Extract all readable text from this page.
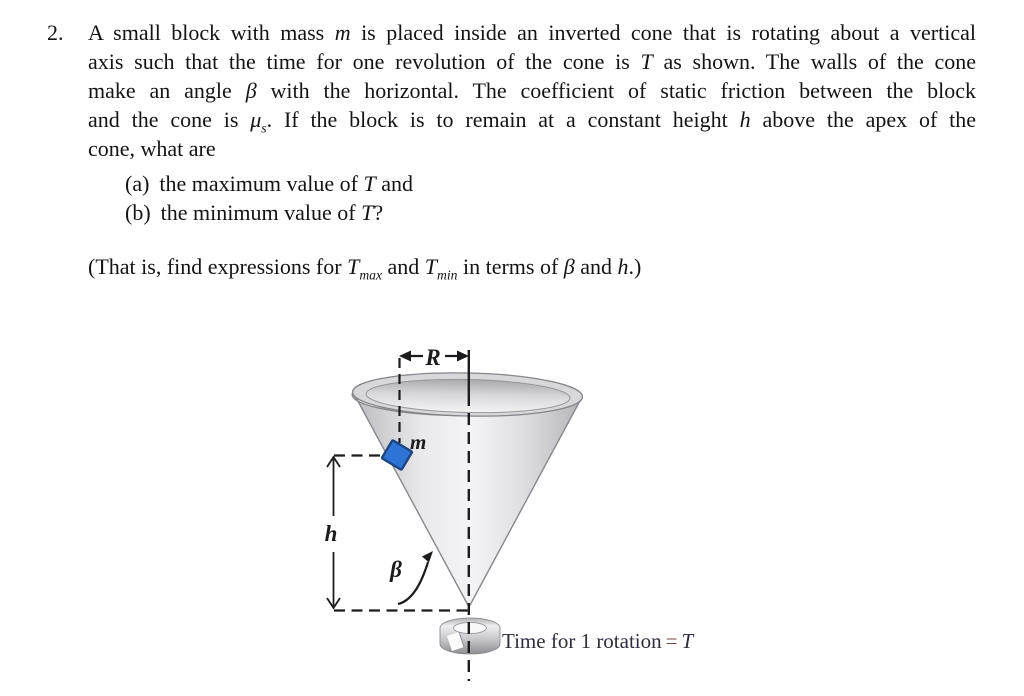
2. A small block with mass m is placed inside an inverted cone that is rotating about a vertical
axis such that the time for one revolution of the cone is T as shown. The walls of the cone
make an angle β with the horizontal. The coefficient of static friction between the block
and the cone is $\mu_s$. If the block is to remain at a constant height h above the apex of the
cone, what are
(a) the maximum value of T and
(b) the minimum value of T?
(That is, find expressions for $T_{max}$ and $T_{min}$ in terms of β and h.)
R
h
β
m
Time for 1 rotation = T
